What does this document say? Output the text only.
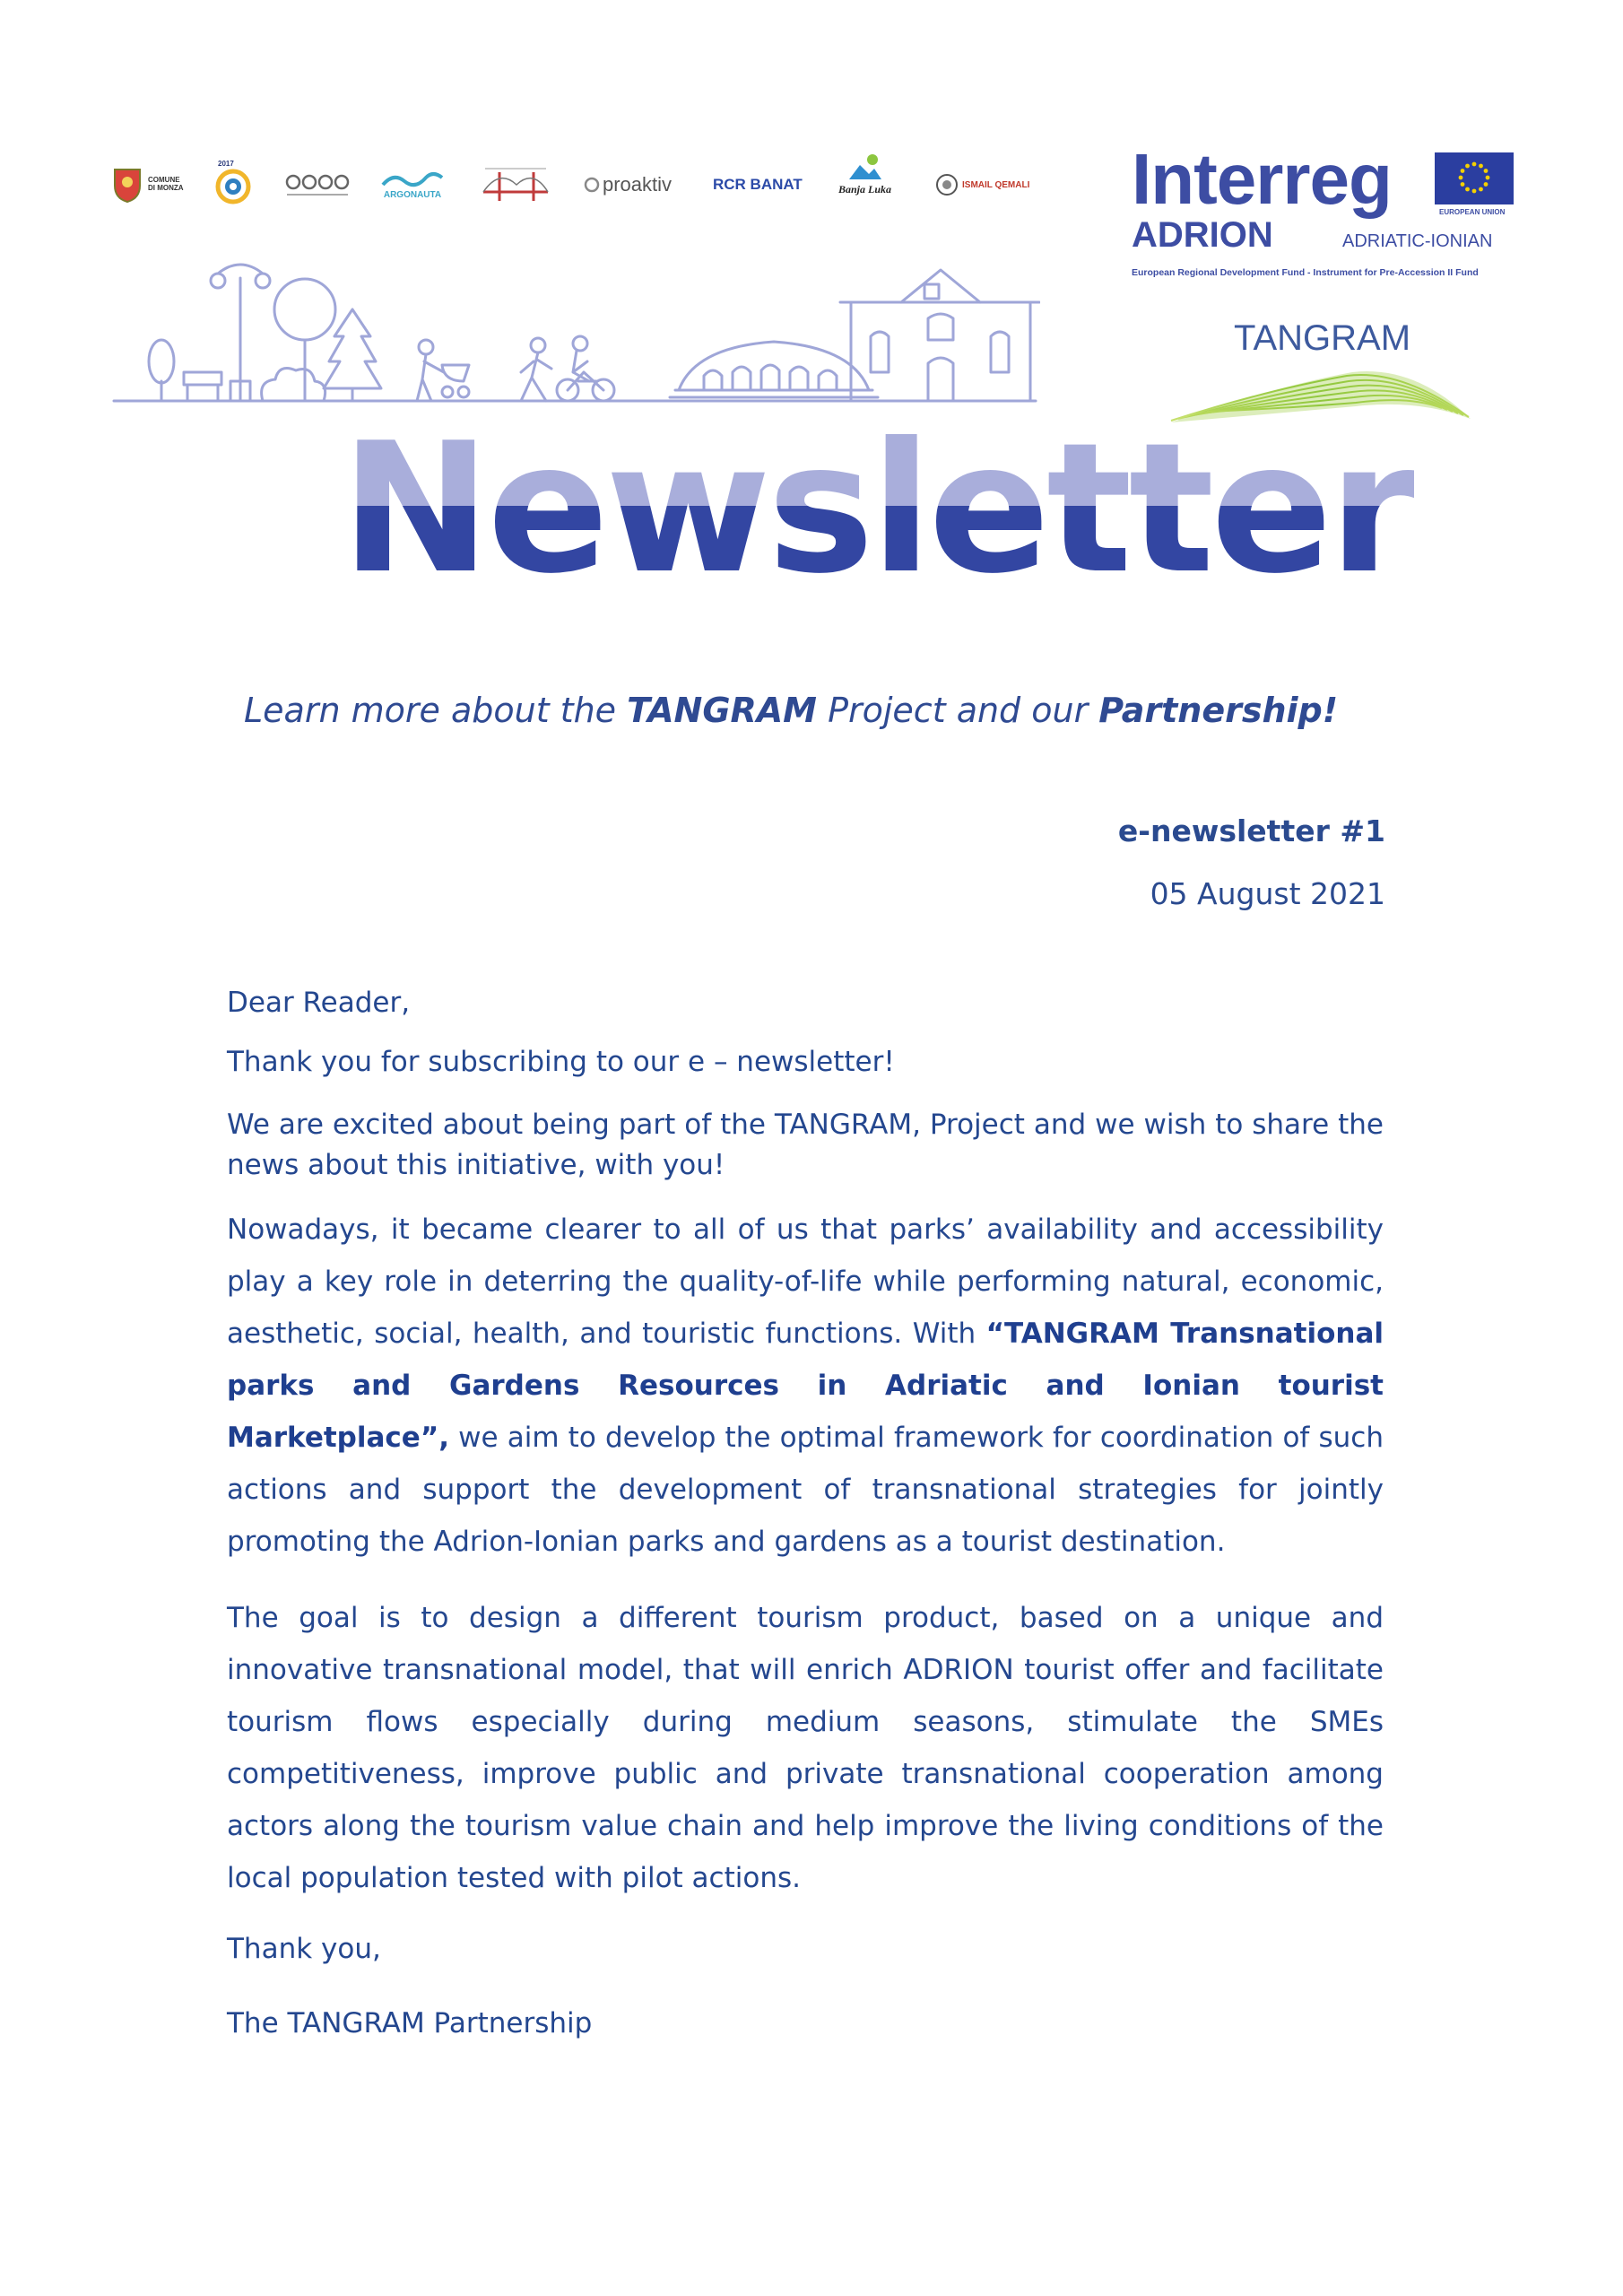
COMUNE DI MONZA
2017
ARGONAUTA	proaktiv	RCR BANAT	Banja Luka	ISMAIL QEMALI Interreg	EUROPEAN UNION
ADRION	ADRIATIC-IONIAN
European Regional Development Fund - Instrument for Pre-Accession II Fund
TANGRAM
Newsletter
Learn more about the TANGRAM Project and our Partnership!
e-newsletter #1
05 August 2021
Dear Reader,
Thank you for subscribing to our e – newsletter!
We are excited about being part of the TANGRAM, Project and we wish to share the news about this initiative, with you!
Nowadays, it became clearer to all of us that parks’ availability and accessibility play a key role in deterring the quality-of-life while performing natural, economic, aesthetic, social, health, and touristic functions. With “TANGRAM Transnational parks and Gardens Resources in Adriatic and Ionian tourist Marketplace”, we aim to develop the optimal framework for coordination of such actions and support the development of transnational strategies for jointly promoting the Adrion-Ionian parks and gardens as a tourist destination.
The goal is to design a different tourism product, based on a unique and innovative transnational model, that will enrich ADRION tourist offer and facilitate tourism flows especially during medium seasons, stimulate the SMEs competitiveness, improve public and private transnational cooperation among actors along the tourism value chain and help improve the living conditions of the local population tested with pilot actions.
Thank you,
The TANGRAM Partnership
